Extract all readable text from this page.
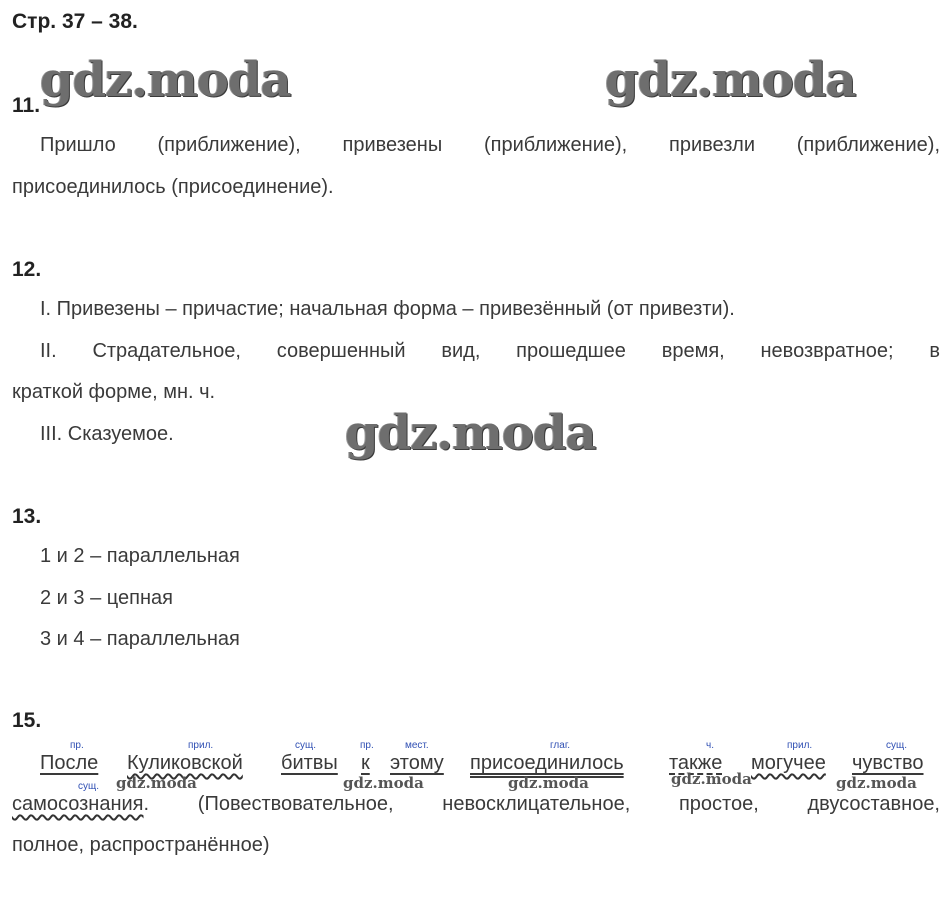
Стр. 37 – 38.
gdz.moda	gdz.moda
gdz.moda
11.
Пришло (приближение), привезены (приближение), привезли (приближение),
присоединилось (присоединение).
12.
I. Привезены – причастие; начальная форма – привезённый (от привезти).
II. Страдательное, совершенный вид, прошедшее время, невозвратное; в
краткой форме, мн. ч.
III. Сказуемое.
13.
1 и 2 – параллельная
2 и 3 – цепная
3 и 4 – параллельная
15.
пр.	прил.	сущ.	пр.	мест.	глаг.	ч.	прил.	сущ.
сущ.
После Куликовской битвы к этому присоединилось также могучее чувство
gdz.moda	gdz.moda	gdz.moda	gdz.moda	gdz.moda
самосознания. (Повествовательное, невосклицательное, простое, двусоставное,
полное, распространённое)
